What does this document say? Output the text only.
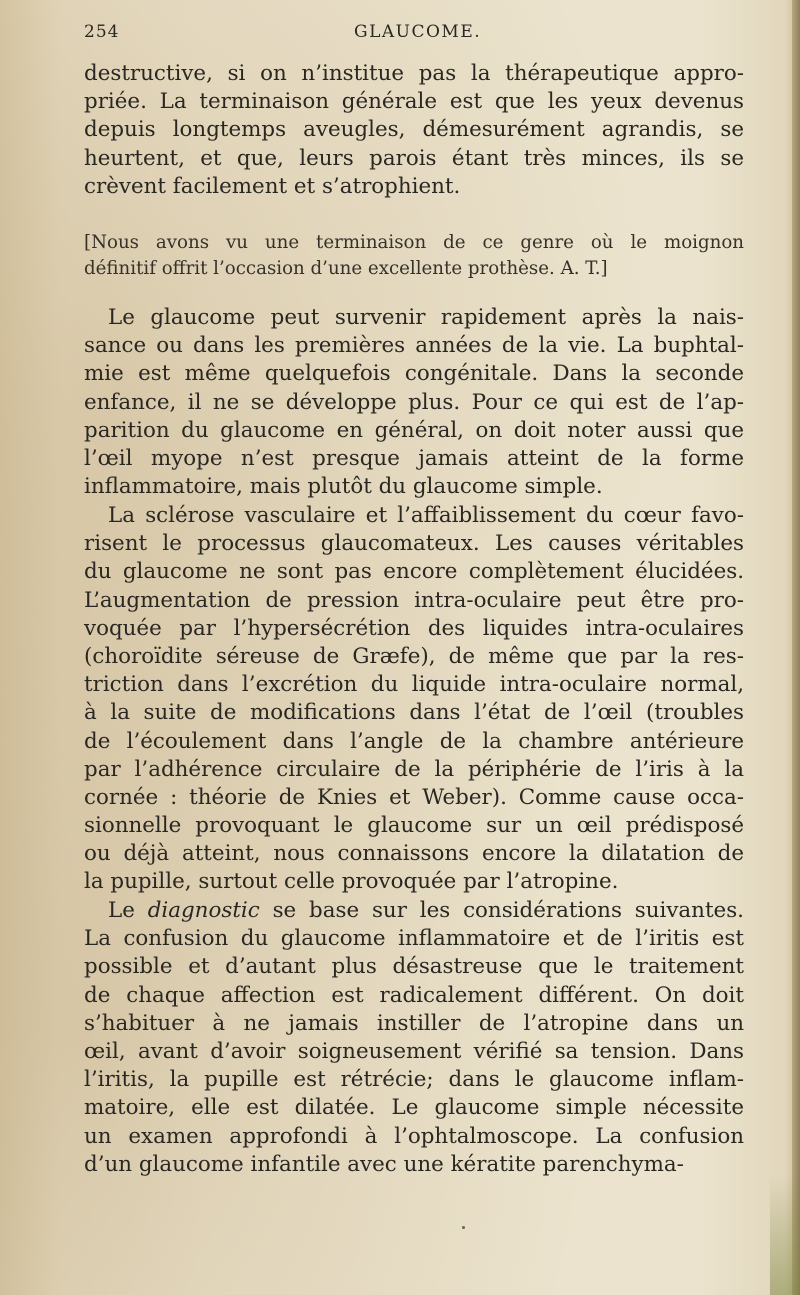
254	GLAUCOME.
destructive, si on n’institue pas la thérapeutique appro-
priée. La terminaison générale est que les yeux devenus
depuis longtemps aveugles, démesurément agrandis, se
heurtent, et que, leurs parois étant très minces, ils se
crèvent facilement et s’atrophient.
[Nous avons vu une terminaison de ce genre où le moignon
définitif offrit l’occasion d’une excellente prothèse. A. T.]
Le glaucome peut survenir rapidement après la nais-
sance ou dans les premières années de la vie. La buphtal-
mie est même quelquefois congénitale. Dans la seconde
enfance, il ne se développe plus. Pour ce qui est de l’ap-
parition du glaucome en général, on doit noter aussi que
l’œil myope n’est presque jamais atteint de la forme
inflammatoire, mais plutôt du glaucome simple.
La sclérose vasculaire et l’affaiblissement du cœur favo-
risent le processus glaucomateux. Les causes véritables
du glaucome ne sont pas encore complètement élucidées.
L’augmentation de pression intra-oculaire peut être pro-
voquée par l’hypersécrétion des liquides intra-oculaires
(choroïdite séreuse de Græfe), de même que par la res-
triction dans l’excrétion du liquide intra-oculaire normal,
à la suite de modifications dans l’état de l’œil (troubles
de l’écoulement dans l’angle de la chambre antérieure
par l’adhérence circulaire de la périphérie de l’iris à la
cornée : théorie de Knies et Weber). Comme cause occa-
sionnelle provoquant le glaucome sur un œil prédisposé
ou déjà atteint, nous connaissons encore la dilatation de
la pupille, surtout celle provoquée par l’atropine.
Le diagnostic se base sur les considérations suivantes.
La confusion du glaucome inflammatoire et de l’iritis est
possible et d’autant plus désastreuse que le traitement
de chaque affection est radicalement différent. On doit
s’habituer à ne jamais instiller de l’atropine dans un
œil, avant d’avoir soigneusement vérifié sa tension. Dans
l’iritis, la pupille est rétrécie; dans le glaucome inflam-
matoire, elle est dilatée. Le glaucome simple nécessite
un examen approfondi à l’ophtalmoscope. La confusion
d’un glaucome infantile avec une kératite parenchyma-
